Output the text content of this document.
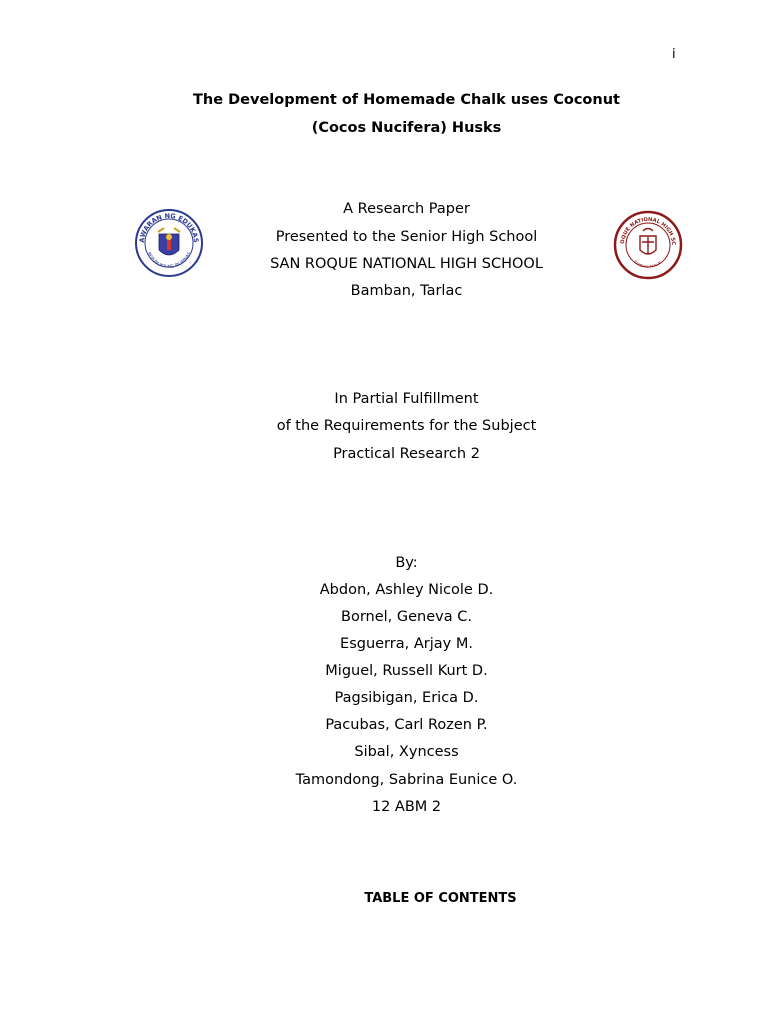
i
The Development of Homemade Chalk uses Coconut
(Cocos Nucifera) Husks
AWARAN NG EDUKAS
REPUBLIKA NG PILIPINAS
OQUE NATIONAL HIGH SC
BAMBAN, TARLAC
A Research Paper
Presented to the Senior High School
SAN ROQUE NATIONAL HIGH SCHOOL
Bamban, Tarlac
In Partial Fulfillment
of the Requirements for the Subject
Practical Research 2
By:
Abdon, Ashley Nicole D.
Bornel, Geneva C.
Esguerra, Arjay M.
Miguel, Russell Kurt D.
Pagsibigan, Erica D.
Pacubas, Carl Rozen P.
Sibal, Xyncess
Tamondong, Sabrina Eunice O.
12 ABM 2
TABLE OF CONTENTS
